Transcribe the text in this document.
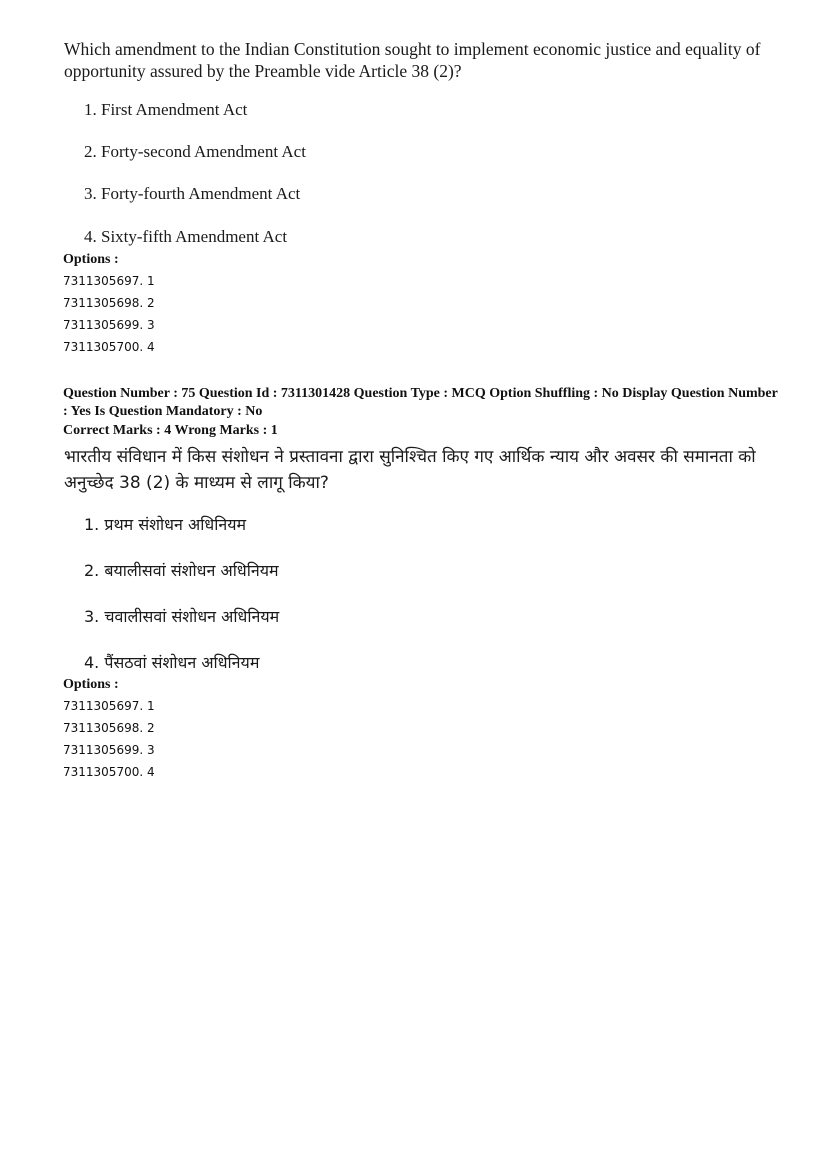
Which amendment to the Indian Constitution sought to implement economic justice and equality of opportunity assured by the Preamble vide Article 38 (2)?
1. First Amendment Act
2. Forty-second Amendment Act
3. Forty-fourth Amendment Act
4. Sixty-fifth Amendment Act
Options :
7311305697. 1
7311305698. 2
7311305699. 3
7311305700. 4
Question Number : 75 Question Id : 7311301428 Question Type : MCQ Option Shuffling : No Display Question Number : Yes Is Question Mandatory : No
Correct Marks : 4 Wrong Marks : 1
भारतीय संविधान में किस संशोधन ने प्रस्तावना द्वारा सुनिश्चित किए गए आर्थिक न्याय और अवसर की समानता को अनुच्छेद 38 (2) के माध्यम से लागू किया?
1. प्रथम संशोधन अधिनियम
2. बयालीसवां संशोधन अधिनियम
3. चवालीसवां संशोधन अधिनियम
4. पैंसठवां संशोधन अधिनियम
Options :
7311305697. 1
7311305698. 2
7311305699. 3
7311305700. 4
